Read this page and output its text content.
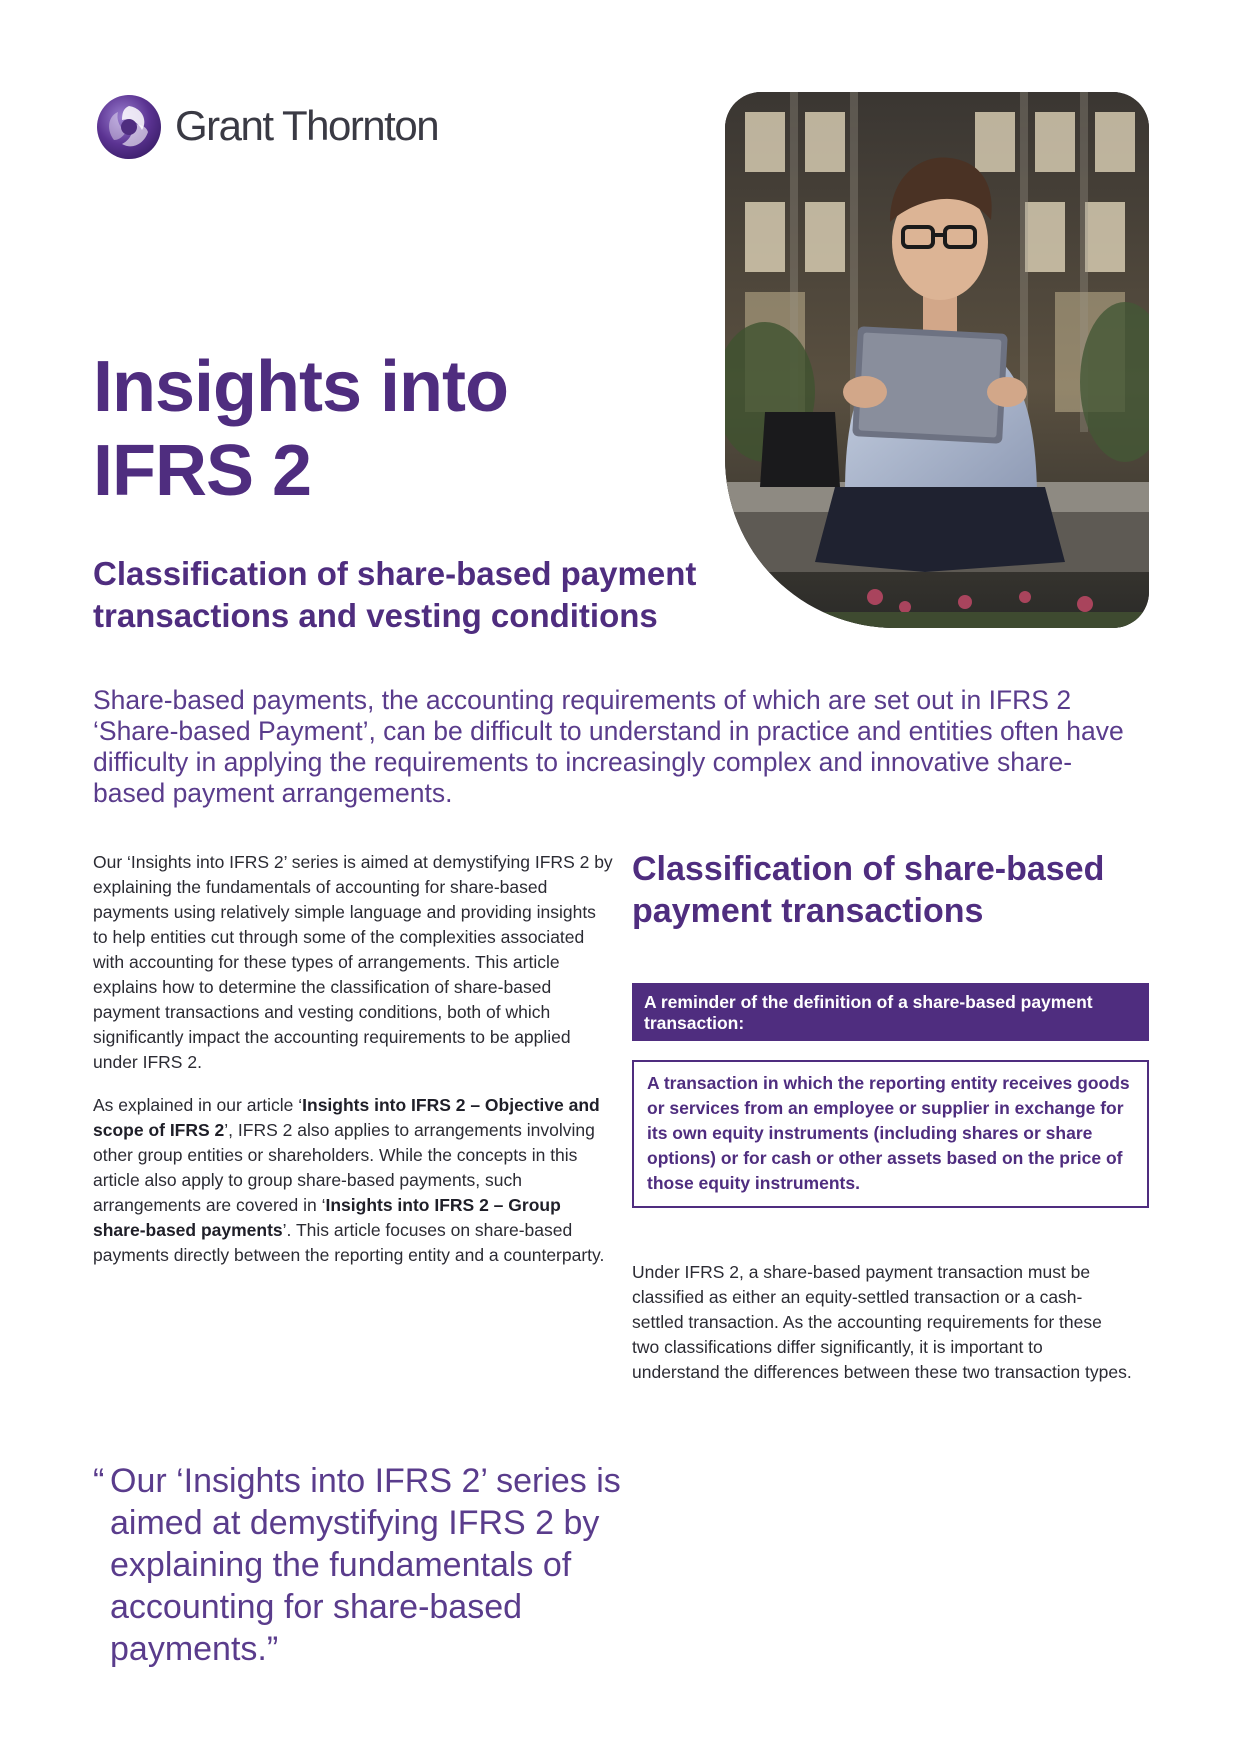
Grant Thornton
Insights into
IFRS 2
Classification of share-based payment transactions and vesting conditions

Share-based payments, the accounting requirements of which are set out in IFRS 2 ‘Share-based Payment’, can be difficult to understand in practice and entities often have difficulty in applying the requirements to increasingly complex and innovative share-based payment arrangements.

Our ‘Insights into IFRS 2’ series is aimed at demystifying IFRS 2 by explaining the fundamentals of accounting for share-based payments using relatively simple language and providing insights to help entities cut through some of the complexities associated with accounting for these types of arrangements. This article explains how to determine the classification of share-based payment transactions and vesting conditions, both of which significantly impact the accounting requirements to be applied under IFRS 2.

As explained in our article ‘Insights into IFRS 2 – Objective and scope of IFRS 2’, IFRS 2 also applies to arrangements involving other group entities or shareholders. While the concepts in this article also apply to group share-based payments, such arrangements are covered in ‘Insights into IFRS 2 – Group share-based payments’. This article focuses on share-based payments directly between the reporting entity and a counterparty.

Classification of share-based payment transactions
A reminder of the definition of a share-based payment transaction:
A transaction in which the reporting entity receives goods or services from an employee or supplier in exchange for its own equity instruments (including shares or share options) or for cash or other assets based on the price of those equity instruments.

Under IFRS 2, a share-based payment transaction must be classified as either an equity-settled transaction or a cash-settled transaction. As the accounting requirements for these two classifications differ significantly, it is important to understand the differences between these two transaction types.

“ Our ‘Insights into IFRS 2’ series is aimed at demystifying IFRS 2 by explaining the fundamentals of accounting for share-based payments.”
